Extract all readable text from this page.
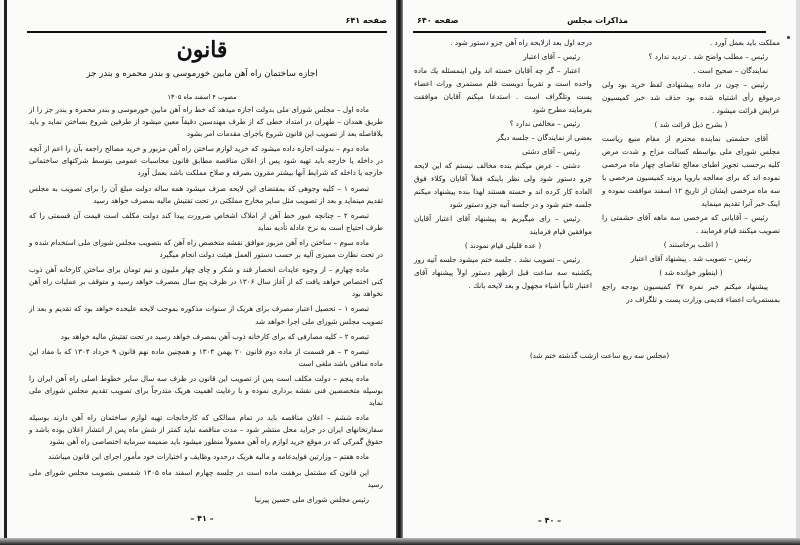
صفحه ۶۴۱
قانون
اجازه ساختمان راه آهن مابین خورموسی و بندر محمره و بندر جز
مصوب ۴ اسفند ماه ۱۳۰۵

ماده اول – مجلس شورای ملی بدولت اجازه میدهد که خط راه آهن مابین خورموسی و بندر محمره و بندر جز را از طریق همدان – طهران در امتداد خطی که از طرف مهندسین دقیقاً معین میشود از طرفین شروع بساختن نماید و باید بلافاصله بعد از تصویب این قانون شروع باجرای مقدمات امر بشود

ماده دوم – بدولت اجازه داده میشود که خرید لوازم ساختن راه آهن مزبور و خرید مصالح راجعه بآن را اعم از آنچه در داخله یا خارجه باید تهیه شود پس از اعلان مناقصه مطابق قانون محاسبات عمومی بتوسط شرکتهای ساختمانی خارجه یا داخله که شرایط آنها بیشتر مقرون بصرفه و صلاح مملکت باشد بعمل آورد

تبصره ۱ – کلیه وجوهی که بمقتضای این لایحه صرف میشود همه ساله دولت مبلغ آن را برای تصویب به مجلس تقدیم مینماید و بعد از تصویب مثل سایر مخارج مملکتی در تحت تفتیش مالیه بمصرف خواهد رسید

تبصره ۲ – چنانچه عبور خط آهن از املاک اشخاص ضرورت پیدا کند دولت مکلف است قیمت آن قسمتی را که طرف احتیاج است به نرخ عادله تأدیه نماید

ماده سوم – ساختن راه آهن مزبور موافق نقشه متخصص راه آهن که بتصویب مجلس شورای ملی استخدام شده و در تحت نظارت ممیزی آلیه بر حسب دستور العمل هیئت دولت انجام میگیرد

ماده چهارم – از وجوه عایدات انحصار قند و شکر و چای چهار ملیون و نیم تومان برای ساختن کارخانه آهن ذوب کنی اختصاص خواهد یافت که از آغاز سال ۱۳۰۶ در ظرف پنج سال بمصرف خواهد رسید و متوقف بر عملیات راه آهن نخواهد بود

تبصره ۱ – تحصیل اعتبار مصرف برای هریک از سنوات مذکوره بموجب لایحه علیحده خواهد بود که تقدیم و بعد از تصویب مجلس شورای ملی اجرا خواهد شد

تبصره ۲ – کلیه مصارفی که برای کارخانه ذوب آهن بمصرف خواهد رسید در تحت تفتیش مالیه خواهد بود

تبصره ۳ – هر قسمت از ماده دوم قانون ۲۰ بهمن ۱۳۰۴ و همچنین ماده نهم قانون ۹ خرداد ۱۳۰۴ که با مفاد این ماده منافی باشد ملغی است

ماده پنجم – دولت مکلف است پس از تصویب این قانون در ظرف سه سال سایر خطوط اصلی راه آهن ایران را بوسیله متخصصین فنی نقشه برداری نموده و با رعایت اهمیت هریک متدرجاً برای تصویب تقدیم مجلس شورای ملی نماید

ماده ششم – اعلان مناقصه باید در تمام ممالکی که کارخانجات تهیه لوازم ساختمان راه آهن دارند بوسیله سفارتخانهای ایران در جراید محل منتشر شود – مدت مناقصه نباید کمتر از شش ماه پس از انتشار اعلان بوده باشد و حقوق گمرکی که در موقع خرید لوازم راه آهن معمولاً منظور میشود باید ضمیمه سرمایه اختصاصی راه آهن بشود

ماده هفتم – وزارتین فوایدعامه و مالیه هریک درحدود وظایف و اختیارات خود مأمور اجرای این قانون میباشند

این قانون که مشتمل برهفت ماده است در جلسه چهارم اسفند ماه ۱۳۰۵ شمسی بتصویب مجلس شورای ملی رسید

رئیس مجلس شورای ملی حسین پیرنیا

– ۴۱ –
مذاکرات مجلس
صفحه ۶۴۰

مملکت باید بعمل آورد .

رئیس – مطلب واضح شد . تردید ندارد ؟

نمایندگان – صحیح است .

رئیس – چون در ماده پیشنهادی لفظ خرید بود ولی درموقع رأی اشتباه شده بود حذف شد خبر کمیسیون عرایض قرائت میشود .

( بشرح ذیل قرائت شد )

آقای حشمتی نماینده محترم از مقام منیع ریاست مجلس شورای ملی بواسطه کسالت مزاج و شدت مرض کلیه برحسب تجویز اطبای معالج تقاضای چهار ماه مرخصی نموده اند که برای معالجه باروپا بروند کمیسیون مرخصی با سه ماه مرخصی ایشان از تاریخ ۱۲ اسفند موافقت نموده و اینک خبر آنرا تقدیم مینماید

رئیس – آقایانی که مرخصی سه ماهه آقای حشمتی را تصویب میکنند قیام فرمایند .

( اغلب برخاستند )

رئیس – تصویب شد . پیشنهاد آقای اعتبار

( اینطور خوانده شد )

پیشنهاد میکنم خبر نمره ۳۷ کمیسیون بودجه راجع بمستمریات اعضاء قدیمی وزارت پست و تلگراف در

درجه اول بعد ازلایحه راه آهن جزو دستور شود .

رئیس – آقای اعتبار

اعتبار – گر چه آقایان خسته اند ولی اینمسئله یك ماده واحده است و تقریباً دویست قلم مستمری وراث اعضاء پست وتلگراف است . استدعا میکنم آقایان موافقت بفرمایند مطرح شود

رئیس – مخالفی ندارد ؟

بعضی از نمایندگان – جلسه دیگر

رئیس – آقای دشتی

دشتی – عرض میکنم بنده مخالف نیستم که این لایحه جزو دستور شود ولی نظر باینکه فعلاً آقایان وکلاء فوق العاده کار کرده اند و خسته هستند لهذا بنده پیشنهاد میکنم جلسه ختم شود و در جلسه آتیه جزو دستور شود

رئیس – رای میگیریم به پیشنهاد آقای اعتبار آقایان موافقین قیام فرمایند

( عده قلیلی قیام نمودند )

رئیس – تصویب نشد . جلسه ختم میشود جلسه آتیه روز یکشنبه سه ساعت قبل ازظهر دستور اولاً پیشنهاد آقای اعتبار ثانیاً اشیاء مجهول و بعد لایحه بانك .

(مجلس سه ربع ساعت ازشب گذشته ختم شد)
– ۴۰ –
